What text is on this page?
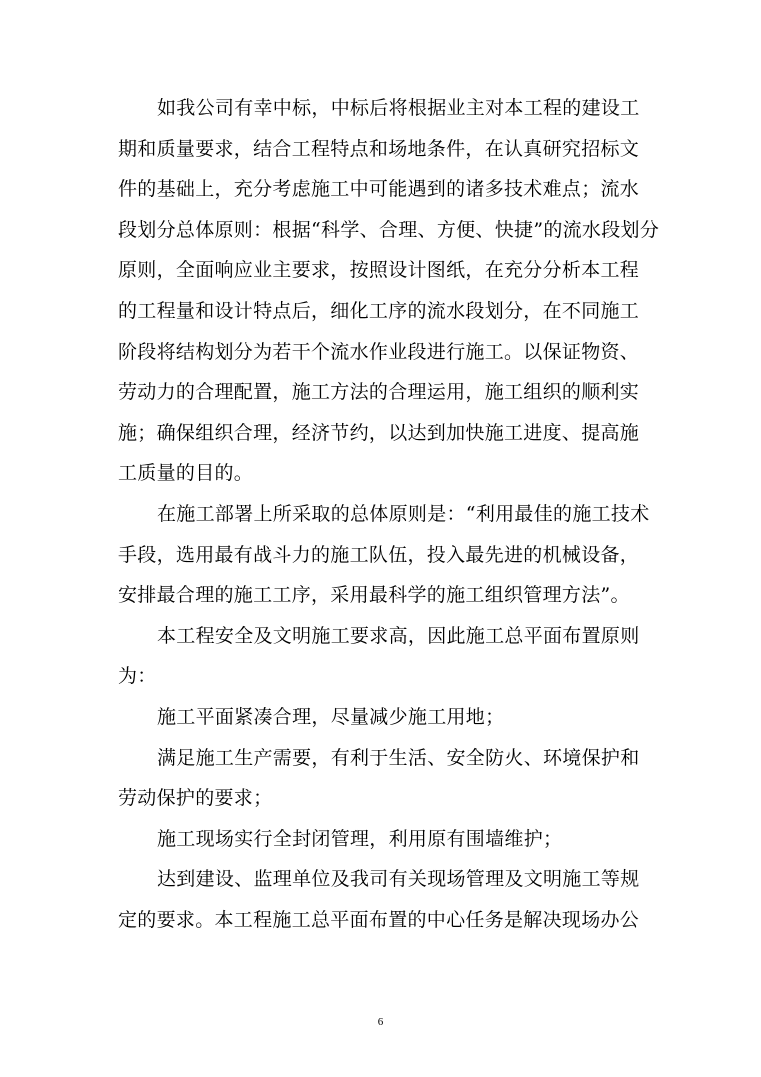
如我公司有幸中标，中标后将根据业主对本工程的建设工
期和质量要求，结合工程特点和场地条件，在认真研究招标文
件的基础上，充分考虑施工中可能遇到的诸多技术难点；流水
段划分总体原则：根据“科学、合理、方便、快捷”的流水段划分
原则，全面响应业主要求，按照设计图纸，在充分分析本工程
的工程量和设计特点后，细化工序的流水段划分，在不同施工
阶段将结构划分为若干个流水作业段进行施工。以保证物资、
劳动力的合理配置，施工方法的合理运用，施工组织的顺利实
施；确保组织合理，经济节约，以达到加快施工进度、提高施
工质量的目的。
在施工部署上所采取的总体原则是：“利用最佳的施工技术
手段，选用最有战斗力的施工队伍，投入最先进的机械设备，
安排最合理的施工工序，采用最科学的施工组织管理方法”。
本工程安全及文明施工要求高，因此施工总平面布置原则
为：
施工平面紧凑合理，尽量减少施工用地；
满足施工生产需要，有利于生活、安全防火、环境保护和
劳动保护的要求；
施工现场实行全封闭管理，利用原有围墙维护；
达到建设、监理单位及我司有关现场管理及文明施工等规
定的要求。本工程施工总平面布置的中心任务是解决现场办公
6
